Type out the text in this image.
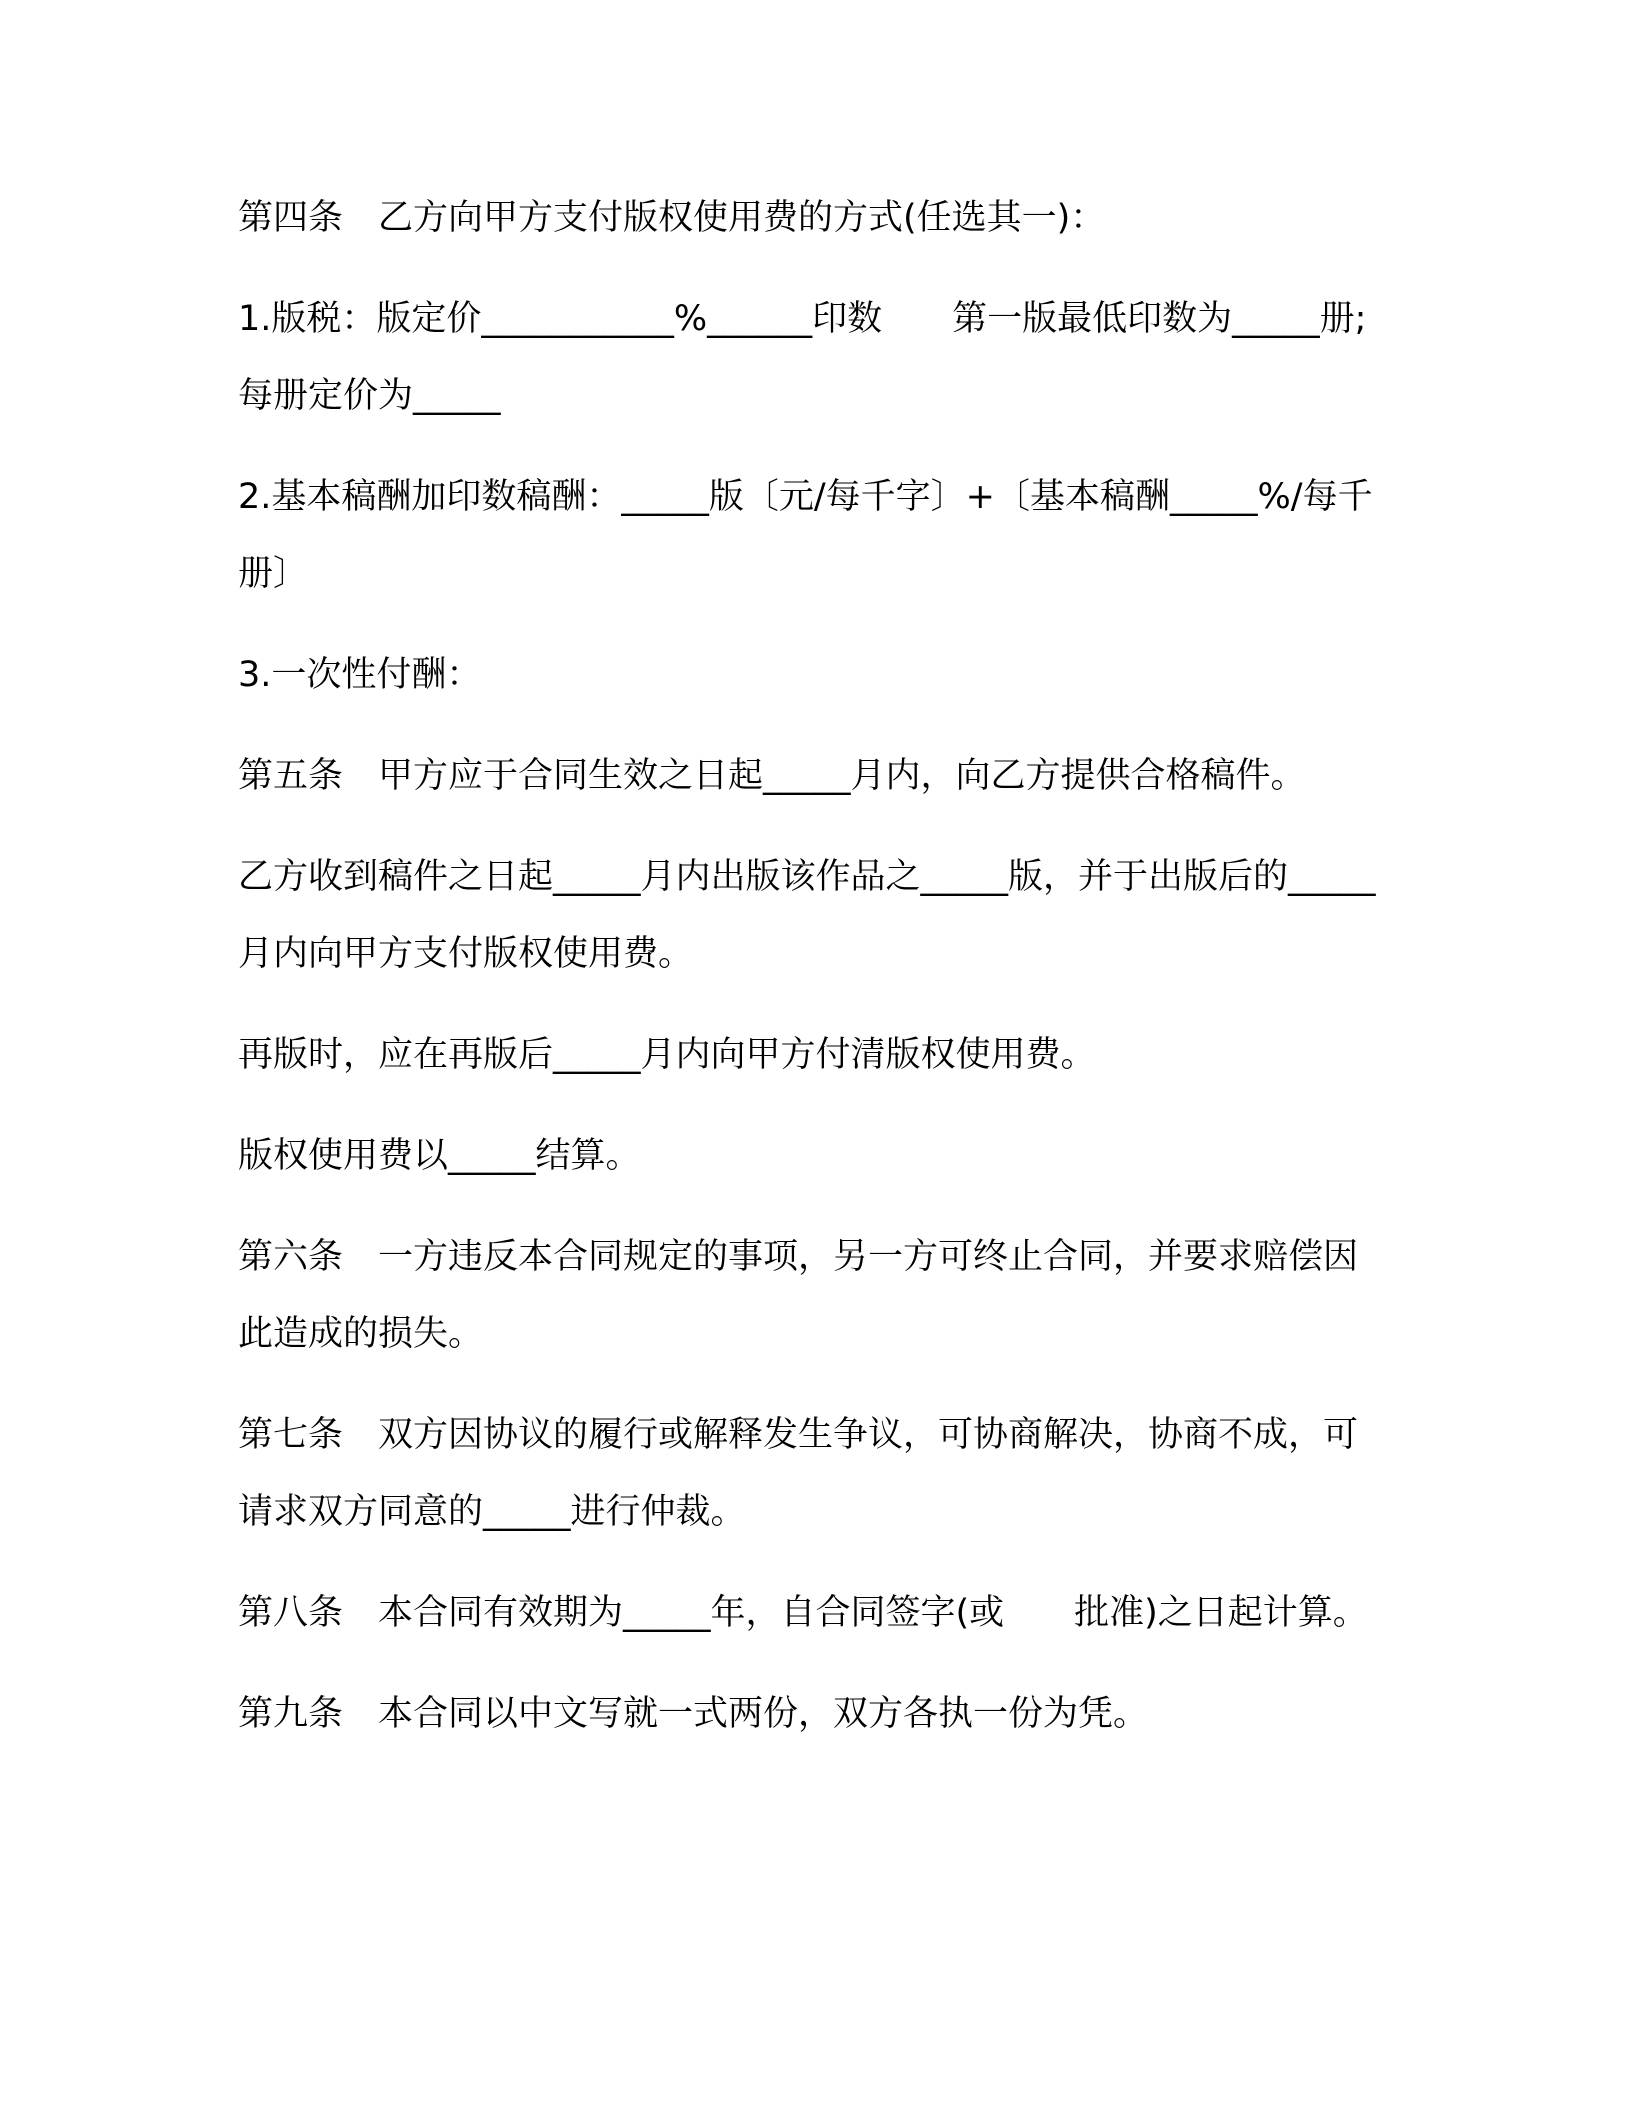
第四条　乙方向甲方支付版权使用费的方式(任选其一)：

1.版税：版定价___________%______印数　　第一版最低印数为_____册;每册定价为_____

2.基本稿酬加印数稿酬：_____版〔元/每千字〕+〔基本稿酬_____%/每千册〕

3.一次性付酬：

第五条　甲方应于合同生效之日起_____月内，向乙方提供合格稿件。

乙方收到稿件之日起_____月内出版该作品之_____版，并于出版后的_____月内向甲方支付版权使用费。

再版时，应在再版后_____月内向甲方付清版权使用费。

版权使用费以_____结算。

第六条　一方违反本合同规定的事项，另一方可终止合同，并要求赔偿因此造成的损失。

第七条　双方因协议的履行或解释发生争议，可协商解决，协商不成，可请求双方同意的_____进行仲裁。

第八条　本合同有效期为_____年，自合同签字(或　　批准)之日起计算。

第九条　本合同以中文写就一式两份，双方各执一份为凭。
